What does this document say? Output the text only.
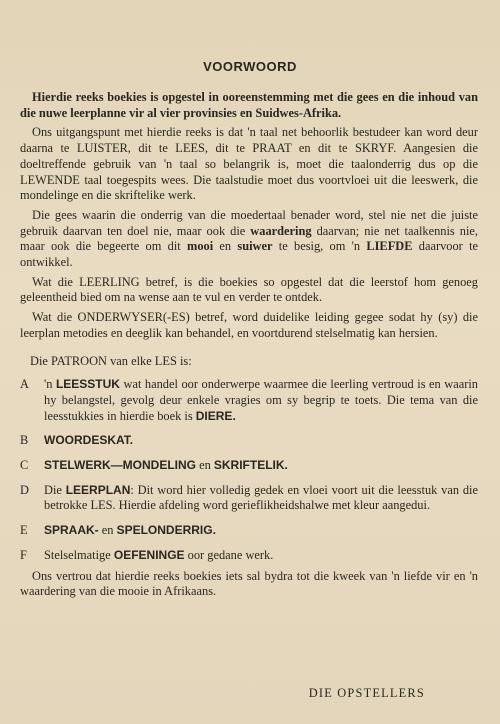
VOORWOORD

Hierdie reeks boekies is opgestel in ooreenstemming met die gees en die inhoud van die nuwe leerplanne vir al vier provinsies en Suidwes-Afrika.

Ons uitgangspunt met hierdie reeks is dat 'n taal net behoorlik bestudeer kan word deur daarna te LUISTER, dit te LEES, dit te PRAAT en dit te SKRYF. Aangesien die doeltreffende gebruik van 'n taal so belangrik is, moet die taalonderrig dus op die LEWENDE taal toegespits wees. Die taalstudie moet dus voortvloei uit die leeswerk, die mondelinge en die skriftelike werk.

Die gees waarin die onderrig van die moedertaal benader word, stel nie net die juiste gebruik daarvan ten doel nie, maar ook die waardering daarvan; nie net taalkennis nie, maar ook die begeerte om dit mooi en suiwer te besig, om 'n LIEFDE daarvoor te ontwikkel.

Wat die LEERLING betref, is die boekies so opgestel dat die leerstof hom genoeg geleentheid bied om na wense aan te vul en verder te ontdek.

Wat die ONDERWYSER(-ES) betref, word duidelike leiding gegee sodat hy (sy) die leerplan metodies en deeglik kan behandel, en voortdurend stelselmatig kan hersien.

Die PATROON van elke LES is:

A	'n LEESSTUK wat handel oor onderwerpe waarmee die leerling vertroud is en waarin hy belangstel, gevolg deur enkele vragies om sy begrip te toets. Die tema van die leesstukkies in hierdie boek is DIERE.
B	WOORDESKAT.
C	STELWERK—MONDELING en SKRIFTELIK.
D	Die LEERPLAN: Dit word hier volledig gedek en vloei voort uit die leesstuk van die betrokke LES. Hierdie afdeling word gerieflikheidshalwe met kleur aangedui.
E	SPRAAK- en SPELONDERRIG.
F	Stelselmatige OEFENINGE oor gedane werk.

Ons vertrou dat hierdie reeks boekies iets sal bydra tot die kweek van 'n liefde vir en 'n waardering van die mooie in Afrikaans.

DIE OPSTELLERS
